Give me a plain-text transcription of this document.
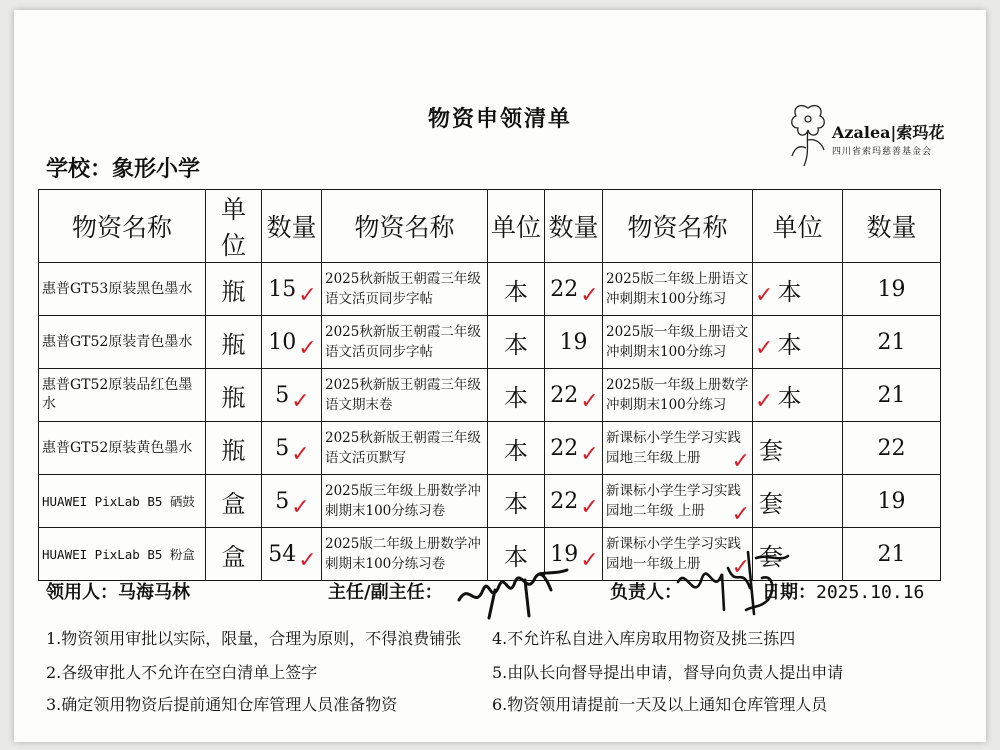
物资申领清单
Azalea|索玛花
四川省索玛慈善基金会
学校：象形小学
物资名称	单位	数量	物资名称	单位	数量	物资名称	单位	数量
惠普GT53原装黑色墨水	瓶	15✓	2025秋新版王朝霞三年级语文活页同步字帖	本	22✓	2025版二年级上册语文冲刺期末100分练习	✓ 本	19
惠普GT52原装青色墨水	瓶	10✓	2025秋新版王朝霞二年级语文活页同步字帖	本	19	2025版一年级上册语文冲刺期末100分练习	✓ 本	21
惠普GT52原装品红色墨水	瓶	5✓	2025秋新版王朝霞三年级语文期末卷	本	22✓	2025版一年级上册数学冲刺期末100分练习	✓ 本	21
惠普GT52原装黄色墨水	瓶	5✓	2025秋新版王朝霞三年级语文活页默写	本	22✓	新课标小学生学习实践园地三年级上册 ✓	套	22
HUAWEI PixLab B5 硒鼓	盒	5✓	2025版三年级上册数学冲刺期末100分练习卷	本	22✓	新课标小学生学习实践园地二年级 上册 ✓	套	19
HUAWEI PixLab B5 粉盒	盒	54✓	2025版二年级上册数学冲刺期末100分练习卷	本	19✓	新课标小学生学习实践园地一年级上册 ✓	套	21
领用人：马海马林	主任/副主任：	负责人：	日期：2025.10.16
1.物资领用审批以实际，限量，合理为原则，不得浪费铺张
2.各级审批人不允许在空白清单上签字
3.确定领用物资后提前通知仓库管理人员准备物资
4.不允许私自进入库房取用物资及挑三拣四
5.由队长向督导提出申请，督导向负责人提出申请
6.物资领用请提前一天及以上通知仓库管理人员
